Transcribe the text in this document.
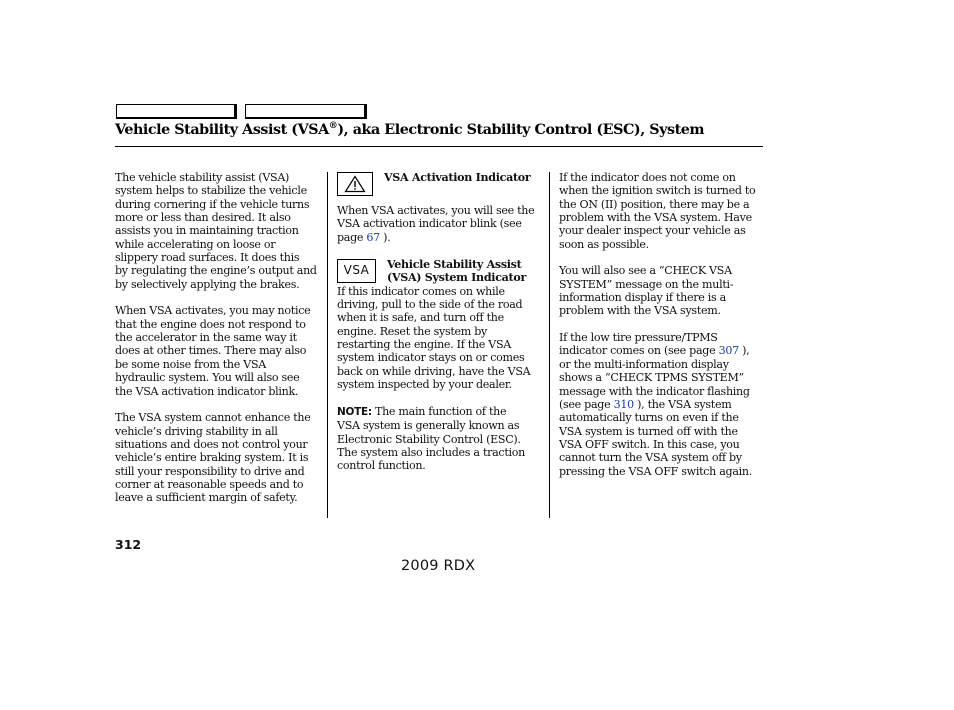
Vehicle Stability Assist (VSA®), aka Electronic Stability Control (ESC), System

The vehicle stability assist (VSA)

system helps to stabilize the vehicle

during cornering if the vehicle turns

more or less than desired. It also

assists you in maintaining traction

while accelerating on loose or

slippery road surfaces. It does this

by regulating the engine’s output and

by selectively applying the brakes.

When VSA activates, you may notice

that the engine does not respond to

the accelerator in the same way it

does at other times. There may also

be some noise from the VSA

hydraulic system. You will also see

the VSA activation indicator blink.

The VSA system cannot enhance the

vehicle’s driving stability in all

situations and does not control your

vehicle’s entire braking system. It is

still your responsibility to drive and

corner at reasonable speeds and to

leave a sufficient margin of safety.

VSA Activation Indicator

When VSA activates, you will see the

VSA activation indicator blink (see

page 67 ).

VSA	Vehicle Stability Assist
(VSA) System Indicator

If this indicator comes on while

driving, pull to the side of the road

when it is safe, and turn off the

engine. Reset the system by

restarting the engine. If the VSA

system indicator stays on or comes

back on while driving, have the VSA

system inspected by your dealer.

NOTE: The main function of the

VSA system is generally known as

Electronic Stability Control (ESC).

The system also includes a traction

control function.

If the indicator does not come on

when the ignition switch is turned to

the ON (II) position, there may be a

problem with the VSA system. Have

your dealer inspect your vehicle as

soon as possible.

You will also see a “CHECK VSA

SYSTEM” message on the multi-

information display if there is a

problem with the VSA system.

If the low tire pressure/TPMS

indicator comes on (see page 307 ),

or the multi-information display

shows a “CHECK TPMS SYSTEM”

message with the indicator flashing

(see page 310 ), the VSA system

automatically turns on even if the

VSA system is turned off with the

VSA OFF switch. In this case, you

cannot turn the VSA system off by

pressing the VSA OFF switch again.

312
2009 RDX
